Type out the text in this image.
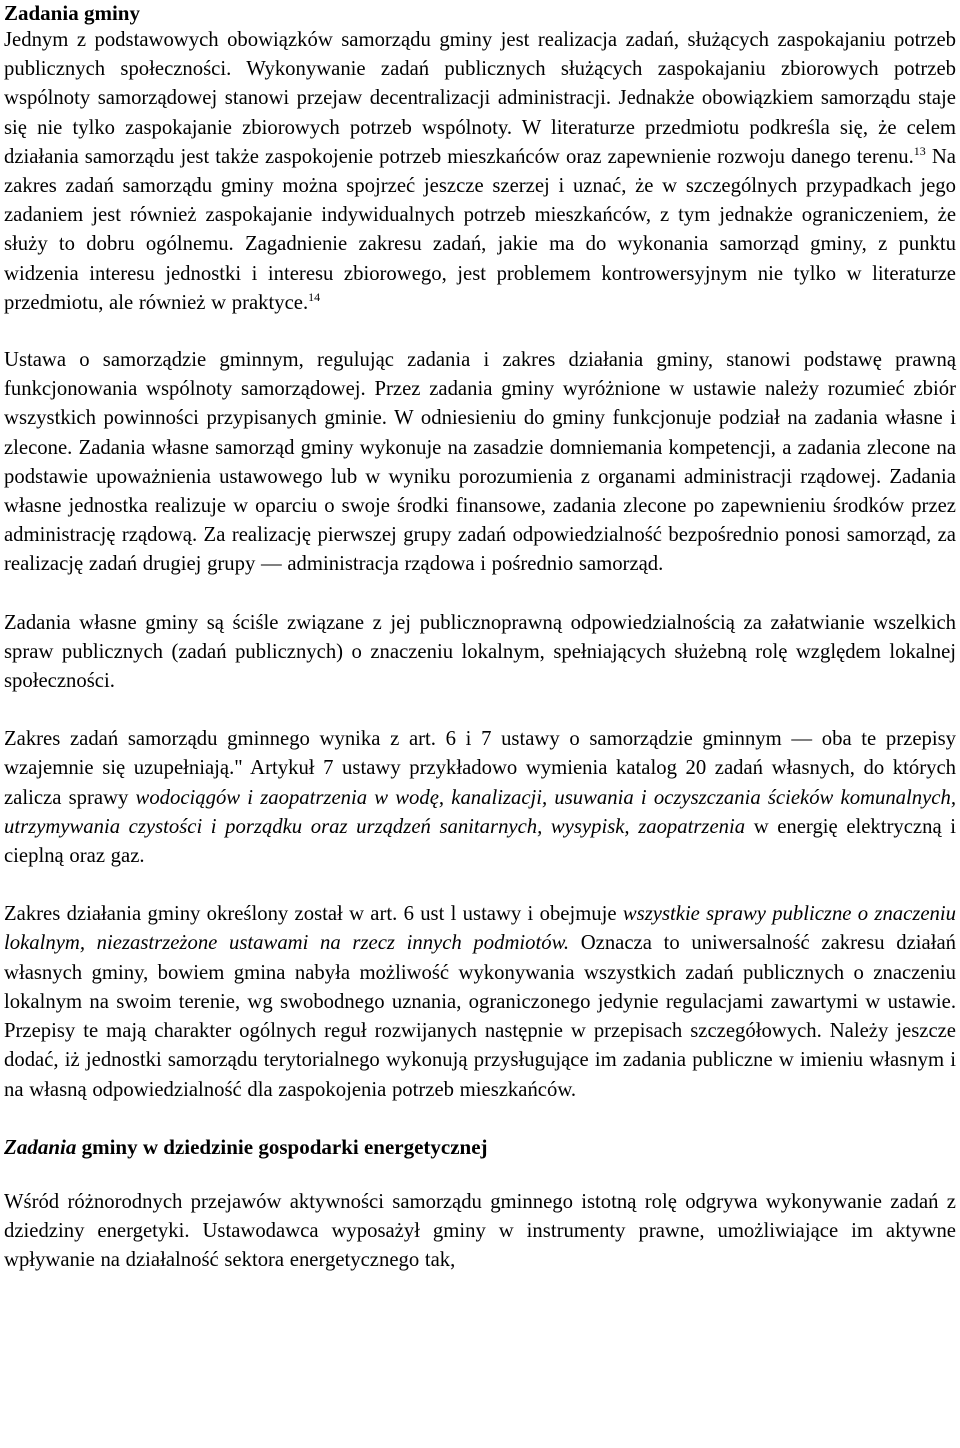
Zadania gminy

Jednym z podstawowych obowiązków samorządu gminy jest realizacja zadań, służących zaspokajaniu potrzeb publicznych społeczności. Wykonywanie zadań publicznych służących zaspokajaniu zbiorowych potrzeb wspólnoty samorządowej stanowi przejaw decentralizacji administracji. Jednakże obowiązkiem samorządu staje się nie tylko zaspokajanie zbiorowych potrzeb wspólnoty. W literaturze przedmiotu podkreśla się, że celem działania samorządu jest także zaspokojenie potrzeb mieszkańców oraz zapewnienie rozwoju danego terenu.$^{13}$ Na zakres zadań samorządu gminy można spojrzeć jeszcze szerzej i uznać, że w szczególnych przypadkach jego zadaniem jest również zaspokajanie indywidualnych potrzeb mieszkańców, z tym jednakże ograniczeniem, że służy to dobru ogólnemu. Zagadnienie zakresu zadań, jakie ma do wykonania samorząd gminy, z punktu widzenia interesu jednostki i interesu zbiorowego, jest problemem kontrowersyjnym nie tylko w literaturze przedmiotu, ale również w praktyce.$^{14}$

Ustawa o samorządzie gminnym, regulując zadania i zakres działania gminy, stanowi podstawę prawną funkcjonowania wspólnoty samorządowej. Przez zadania gminy wyróżnione w ustawie należy rozumieć zbiór wszystkich powinności przypisanych gminie. W odniesieniu do gminy funkcjonuje podział na zadania własne i zlecone. Zadania własne samorząd gminy wykonuje na zasadzie domniemania kompetencji, a zadania zlecone na podstawie upoważnienia ustawowego lub w wyniku porozumienia z organami administracji rządowej. Zadania własne jednostka realizuje w oparciu o swoje środki finansowe, zadania zlecone po zapewnieniu środków przez administrację rządową. Za realizację pierwszej grupy zadań odpowiedzialność bezpośrednio ponosi samorząd, za realizację zadań drugiej grupy — administracja rządowa i pośrednio samorząd.

Zadania własne gminy są ściśle związane z jej publicznoprawną odpowiedzialnością za załatwianie wszelkich spraw publicznych (zadań publicznych) o znaczeniu lokalnym, spełniających służebną rolę względem lokalnej społeczności.

Zakres zadań samorządu gminnego wynika z art. 6 i 7 ustawy o samorządzie gminnym — oba te przepisy wzajemnie się uzupełniają." Artykuł 7 ustawy przykładowo wymienia katalog 20 zadań własnych, do których zalicza sprawy wodociągów i zaopatrzenia w wodę, kanalizacji, usuwania i oczyszczania ścieków komunalnych, utrzymywania czystości i porządku oraz urządzeń sanitarnych, wysypisk, zaopatrzenia w energię elektryczną i cieplną oraz gaz.

Zakres działania gminy określony został w art. 6 ust l ustawy i obejmuje wszystkie sprawy publiczne o znaczeniu lokalnym, niezastrzeżone ustawami na rzecz innych podmiotów. Oznacza to uniwersalność zakresu działań własnych gminy, bowiem gmina nabyła możliwość wykonywania wszystkich zadań publicznych o znaczeniu lokalnym na swoim terenie, wg swobodnego uznania, ograniczonego jedynie regulacjami zawartymi w ustawie. Przepisy te mają charakter ogólnych reguł rozwijanych następnie w przepisach szczegółowych. Należy jeszcze dodać, iż jednostki samorządu terytorialnego wykonują przysługujące im zadania publiczne w imieniu własnym i na własną odpowiedzialność dla zaspokojenia potrzeb mieszkańców.

Zadania gminy w dziedzinie gospodarki energetycznej

Wśród różnorodnych przejawów aktywności samorządu gminnego istotną rolę odgrywa wykonywanie zadań z dziedziny energetyki. Ustawodawca wyposażył gminy w instrumenty prawne, umożliwiające im aktywne wpływanie na działalność sektora energetycznego tak,
